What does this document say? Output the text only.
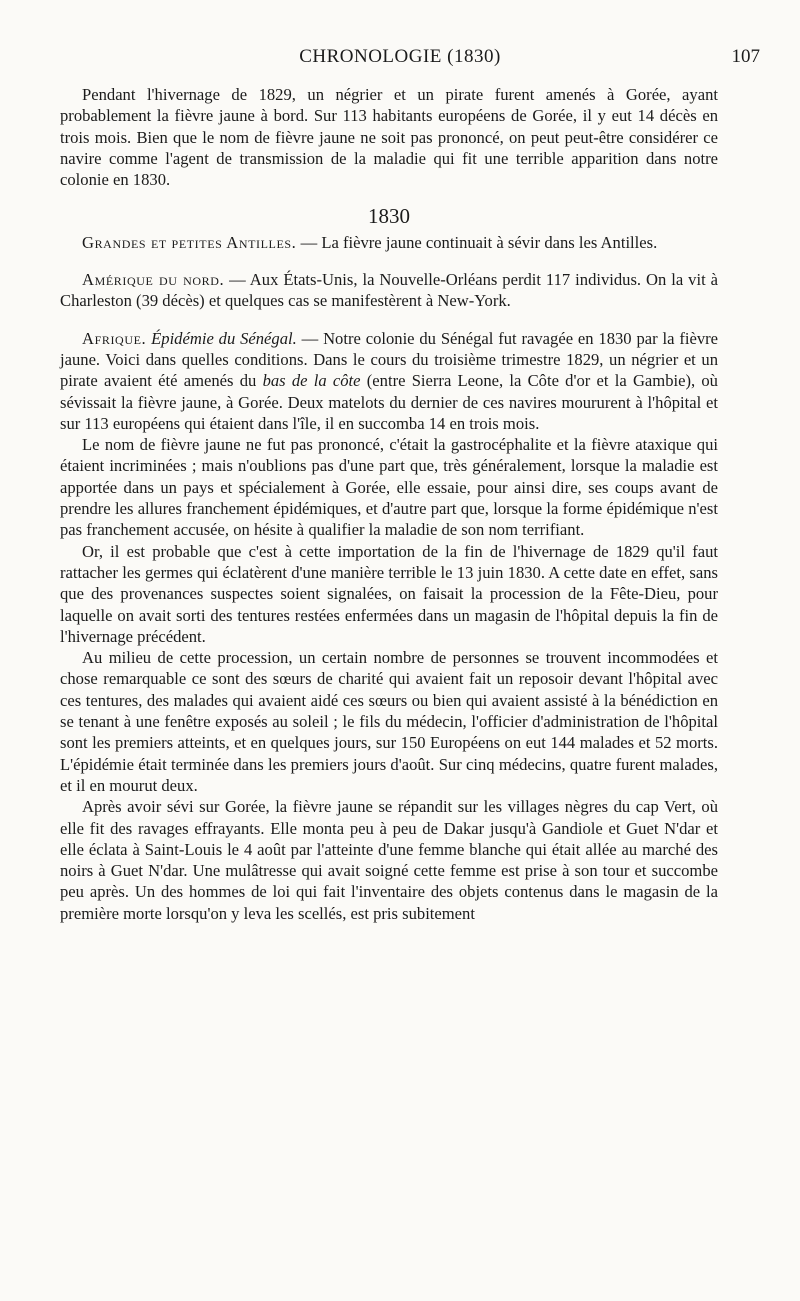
CHRONOLOGIE (1830)	107

Pendant l'hivernage de 1829, un négrier et un pirate furent amenés à Gorée, ayant probablement la fièvre jaune à bord. Sur 113 habitants européens de Gorée, il y eut 14 décès en trois mois. Bien que le nom de fièvre jaune ne soit pas prononcé, on peut peut-être considérer ce navire comme l'agent de transmission de la maladie qui fit une terrible apparition dans notre colonie en 1830.

1830

Grandes et petites Antilles. — La fièvre jaune continuait à sévir dans les Antilles.

Amérique du nord. — Aux États-Unis, la Nouvelle-Orléans perdit 117 individus. On la vit à Charleston (39 décès) et quelques cas se manifestèrent à New-York.

Afrique. Épidémie du Sénégal. — Notre colonie du Sénégal fut ravagée en 1830 par la fièvre jaune. Voici dans quelles conditions. Dans le cours du troisième trimestre 1829, un négrier et un pirate avaient été amenés du bas de la côte (entre Sierra Leone, la Côte d'or et la Gambie), où sévissait la fièvre jaune, à Gorée. Deux matelots du dernier de ces navires moururent à l'hôpital et sur 113 européens qui étaient dans l'île, il en succomba 14 en trois mois.

Le nom de fièvre jaune ne fut pas prononcé, c'était la gastrocéphalite et la fièvre ataxique qui étaient incriminées ; mais n'oublions pas d'une part que, très généralement, lorsque la maladie est apportée dans un pays et spécialement à Gorée, elle essaie, pour ainsi dire, ses coups avant de prendre les allures franchement épidémiques, et d'autre part que, lorsque la forme épidémique n'est pas franchement accusée, on hésite à qualifier la maladie de son nom terrifiant.

Or, il est probable que c'est à cette importation de la fin de l'hivernage de 1829 qu'il faut rattacher les germes qui éclatèrent d'une manière terrible le 13 juin 1830. A cette date en effet, sans que des provenances suspectes soient signalées, on faisait la procession de la Fête-Dieu, pour laquelle on avait sorti des tentures restées enfermées dans un magasin de l'hôpital depuis la fin de l'hivernage précédent.

Au milieu de cette procession, un certain nombre de personnes se trouvent incommodées et chose remarquable ce sont des sœurs de charité qui avaient fait un reposoir devant l'hôpital avec ces tentures, des malades qui avaient aidé ces sœurs ou bien qui avaient assisté à la bénédiction en se tenant à une fenêtre exposés au soleil ; le fils du médecin, l'officier d'administration de l'hôpital sont les premiers atteints, et en quelques jours, sur 150 Européens on eut 144 malades et 52 morts. L'épidémie était terminée dans les premiers jours d'août. Sur cinq médecins, quatre furent malades, et il en mourut deux.

Après avoir sévi sur Gorée, la fièvre jaune se répandit sur les villages nègres du cap Vert, où elle fit des ravages effrayants. Elle monta peu à peu de Dakar jusqu'à Gandiole et Guet N'dar et elle éclata à Saint-Louis le 4 août par l'atteinte d'une femme blanche qui était allée au marché des noirs à Guet N'dar. Une mulâtresse qui avait soigné cette femme est prise à son tour et succombe peu après. Un des hommes de loi qui fait l'inventaire des objets contenus dans le magasin de la première morte lorsqu'on y leva les scellés, est pris subitement
